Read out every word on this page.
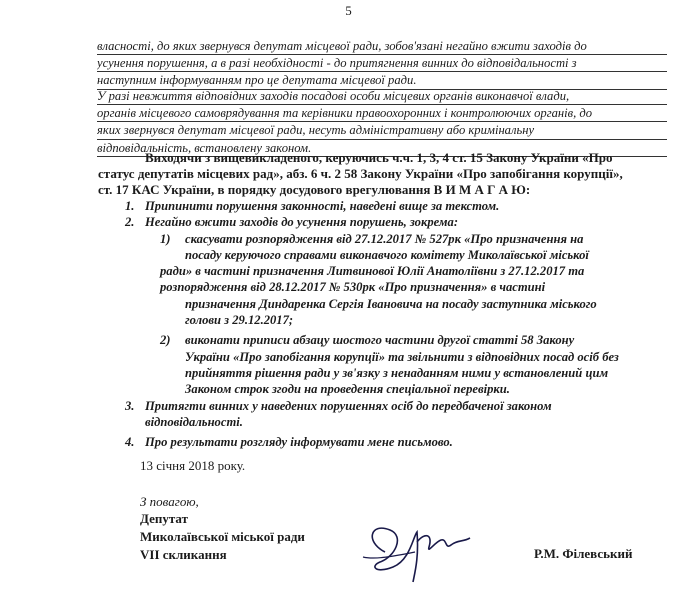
5
власності, до яких звернувся депутат місцевої ради, зобов'язані негайно вжити заходів до
усунення порушення, а в разі необхідності - до притягнення винних до відповідальності з
наступним інформуванням про це депутата місцевої ради.
У разі невжиття відповідних заходів посадові особи місцевих органів виконавчої влади,
органів місцевого самоврядування та керівники правоохоронних і контролюючих органів, до
яких звернувся депутат місцевої ради, несуть адміністративну або кримінальну
відповідальність, встановлену законом.
Виходячи з вищевикладеного, керуючись ч.ч. 1, 3, 4 ст. 15 Закону України «Про
статус депутатів місцевих рад», абз. 6 ч. 2 58 Закону України «Про запобігання корупції»,
ст. 17 КАС України, в порядку досудового врегулювання В И М А Г А Ю:
1. Припинити порушення законності, наведені вище за текстом.
2. Негайно вжити заходів до усунення порушень, зокрема:
1) скасувати розпорядження від 27.12.2017 № 527рк «Про призначення на
посаду керуючого справами виконавчого комітету Миколаївської міської
ради» в частині призначення Литвинової Юлії Анатоліївни з 27.12.2017 та
розпорядження від 28.12.2017 № 530рк «Про призначення» в частині
призначення Диндаренка Сергія Івановича на посаду заступника міського
голови з 29.12.2017;
2) виконати приписи абзацу шостого частини другої статті 58 Закону
України «Про запобігання корупції» та звільнити з відповідних посад осіб без
прийняття рішення ради у зв'язку з ненаданням ними у встановлений цим
Законом строк згоди на проведення спеціальної перевірки.
3. Притягти винних у наведених порушеннях осіб до передбаченої законом
відповідальності.
4. Про результати розгляду інформувати мене письмово.
13 січня 2018 року.
З повагою,
Депутат
Миколаївської міської ради
VII скликання	Р.М. Філевський
